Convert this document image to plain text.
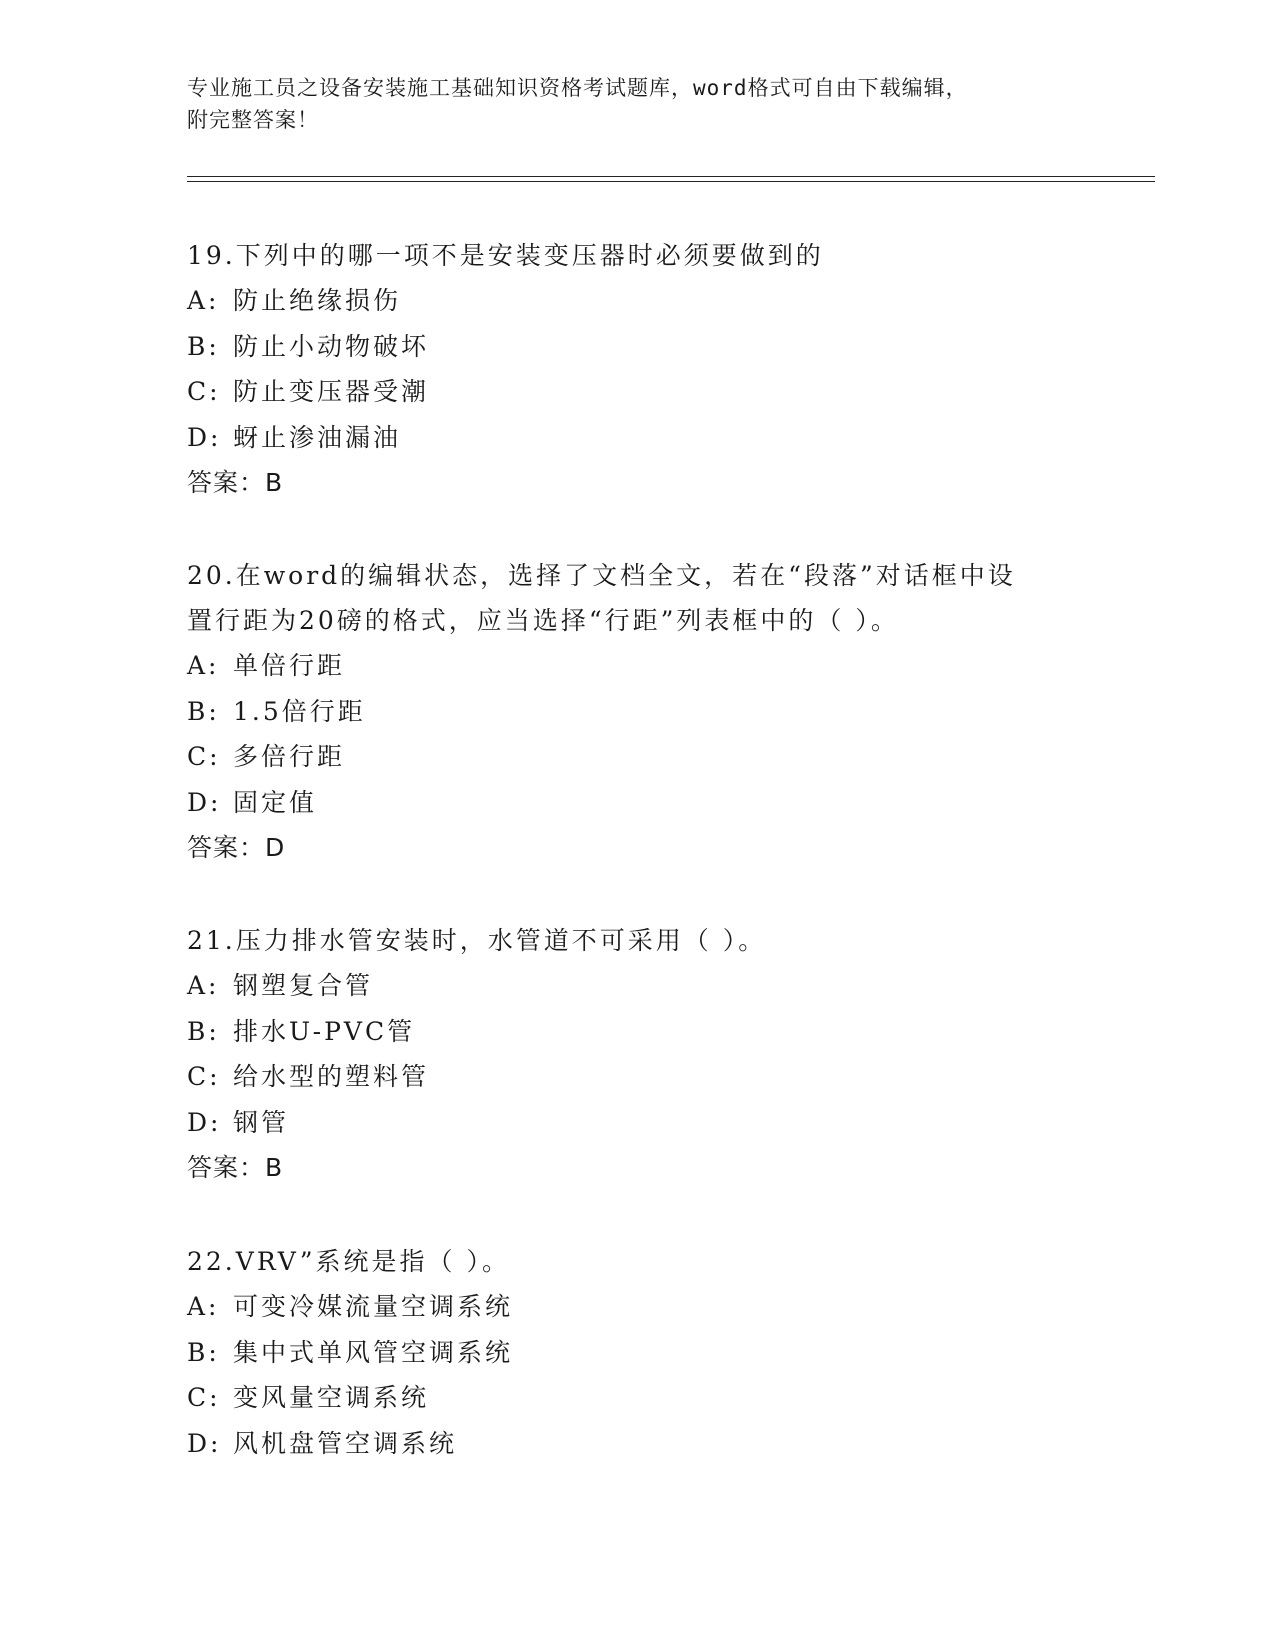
专业施工员之设备安装施工基础知识资格考试题库，word格式可自由下载编辑，
附完整答案！
19.下列中的哪一项不是安装变压器时必须要做到的
A: 防止绝缘损伤
B: 防止小动物破坏
C: 防止变压器受潮
D: 蚜止渗油漏油
答案：B
20.在word的编辑状态，选择了文档全文，若在“段落”对话框中设置行距为20磅的格式，应当选择“行距”列表框中的（ ）。
A: 单倍行距
B: 1.5倍行距
C: 多倍行距
D: 固定值
答案：D
21.压力排水管安装时，水管道不可采用（ ）。
A: 钢塑复合管
B: 排水U-PVC管
C: 给水型的塑料管
D: 钢管
答案：B
22.VRV”系统是指（ ）。
A: 可变冷媒流量空调系统
B: 集中式单风管空调系统
C: 变风量空调系统
D: 风机盘管空调系统
